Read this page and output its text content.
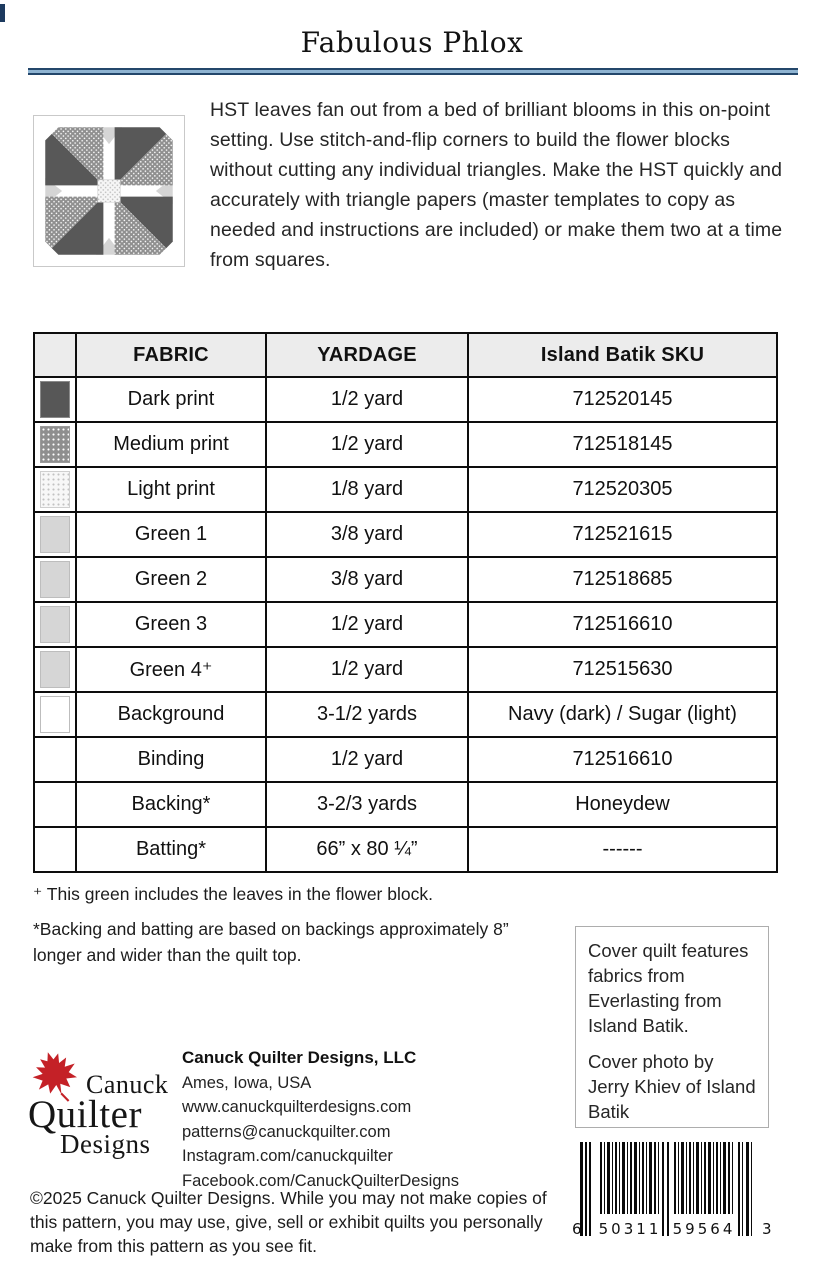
Fabulous Phlox
HST leaves fan out from a bed of brilliant blooms in this on-point setting. Use stitch-and-flip corners to build the flower blocks without cutting any individual triangles. Make the HST quickly and accurately with triangle papers (master templates to copy as needed and instructions are included) or make them two at a time from squares.
	FABRIC	YARDAGE	Island Batik SKU
	Dark print	1/2 yard	712520145
	Medium print	1/2 yard	712518145
	Light print	1/8 yard	712520305
	Green 1	3/8 yard	712521615
	Green 2	3/8 yard	712518685
	Green 3	1/2 yard	712516610
	Green 4⁺	1/2 yard	712515630
	Background	3-1/2 yards	Navy (dark) / Sugar (light)
	Binding	1/2 yard	712516610
	Backing*	3-2/3 yards	Honeydew
	Batting*	66” x 80 ¼”	------
⁺ This green includes the leaves in the flower block.
*Backing and batting are based on backings approximately 8” longer and wider than the quilt top.	Cover quilt features fabrics from Everlasting from Island Batik.

Cover photo by Jerry Khiev of Island Batik

Canuck
Quilter
Designs
Canuck Quilter Designs, LLC
Ames, Iowa, USA
www.canuckquilterdesigns.com
patterns@canuckquilter.com
Instagram.com/canuckquilter
Facebook.com/CanuckQuilterDesigns
©2025 Canuck Quilter Designs. While you may not make copies of this pattern, you may use, give, sell or exhibit quilts you personally make from this pattern as you see fit.
6 50311 59564 3
